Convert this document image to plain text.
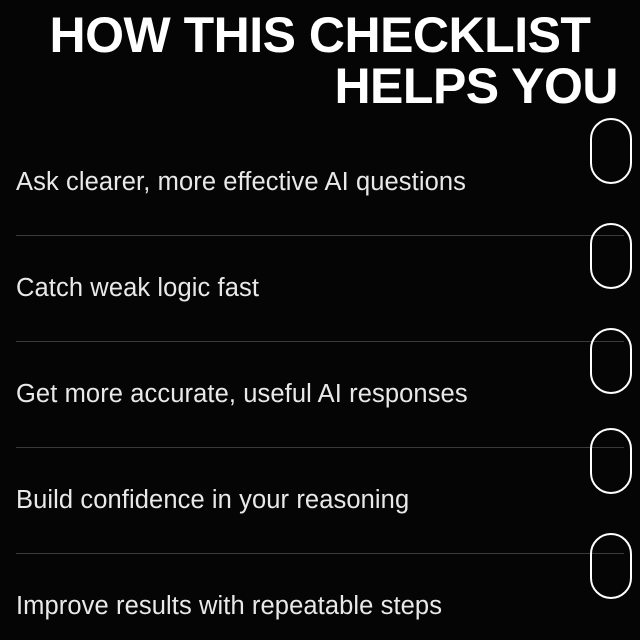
HOW THIS CHECKLIST
HELPS YOU
Ask clearer, more effective AI questions
Catch weak logic fast
Get more accurate, useful AI responses
Build confidence in your reasoning
Improve results with repeatable steps
